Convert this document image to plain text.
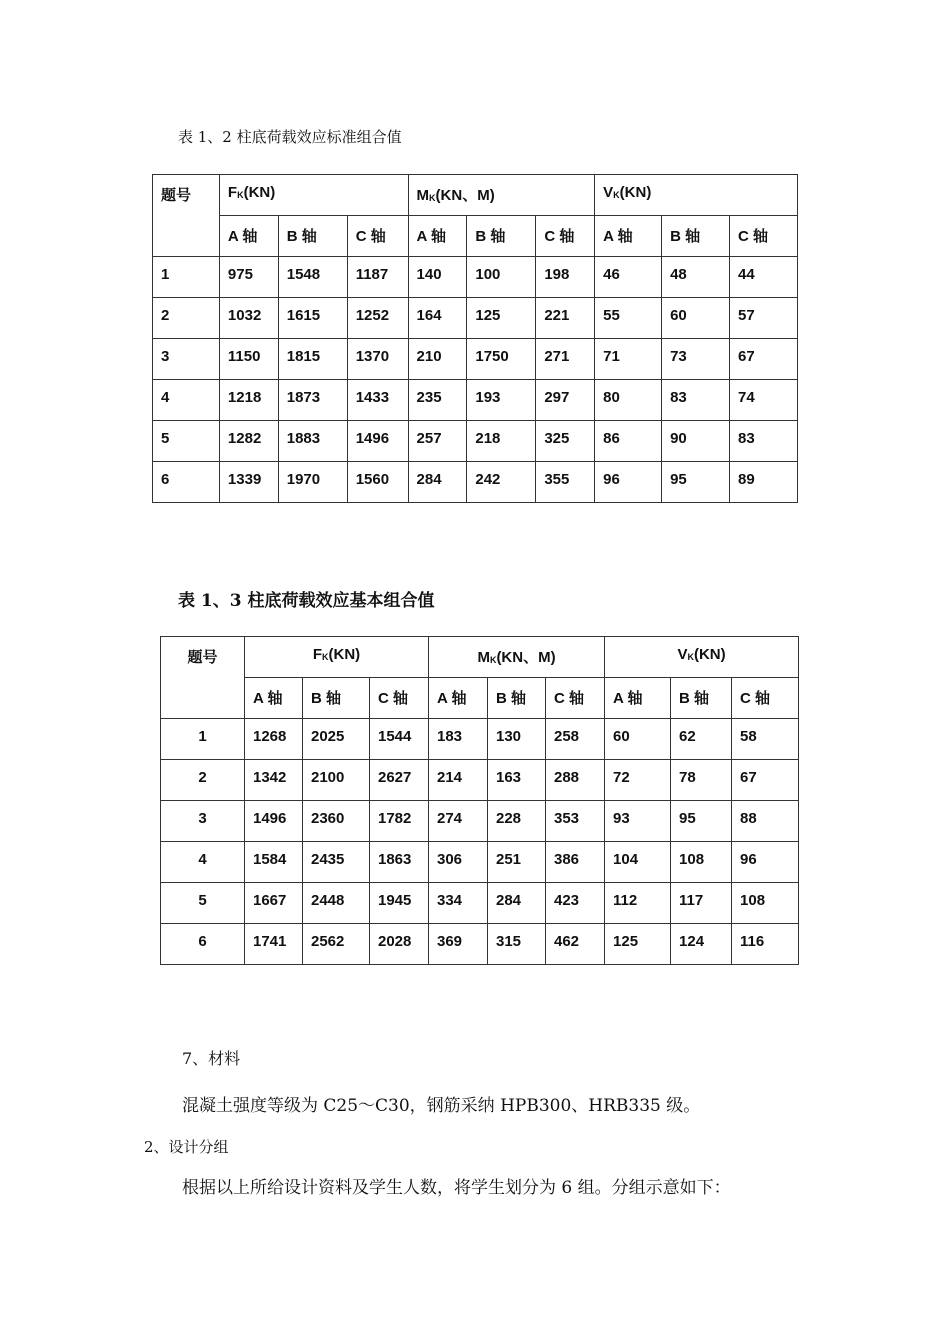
表 1、2 柱底荷载效应标准组合值
题号	$F_K(KN)$			$M_K(KN$、M)			$V_K(KN)$		
	A 轴	B 轴	C 轴	A 轴	B 轴	C 轴	A 轴	B 轴	C 轴
1	975	1548	1187	140	100	198	46	48	44
2	1032	1615	1252	164	125	221	55	60	57
3	1150	1815	1370	210	1750	271	71	73	67
4	1218	1873	1433	235	193	297	80	83	74
5	1282	1883	1496	257	218	325	86	90	83
6	1339	1970	1560	284	242	355	96	95	89
表 1、3 柱底荷载效应基本组合值
题号	$F_K(KN)$			$M_K(KN$、M)			$V_K(KN)$		
	A 轴	B 轴	C 轴	A 轴	B 轴	C 轴	A 轴	B 轴	C 轴
1	1268	2025	1544	183	130	258	60	62	58
2	1342	2100	2627	214	163	288	72	78	67
3	1496	2360	1782	274	228	353	93	95	88
4	1584	2435	1863	306	251	386	104	108	96
5	1667	2448	1945	334	284	423	112	117	108
6	1741	2562	2028	369	315	462	125	124	116
7、材料
混凝土强度等级为 C25～C30，钢筋采纳 HPB300、HRB335 级。
2、设计分组
根据以上所给设计资料及学生人数，将学生划分为 6 组。分组示意如下：
